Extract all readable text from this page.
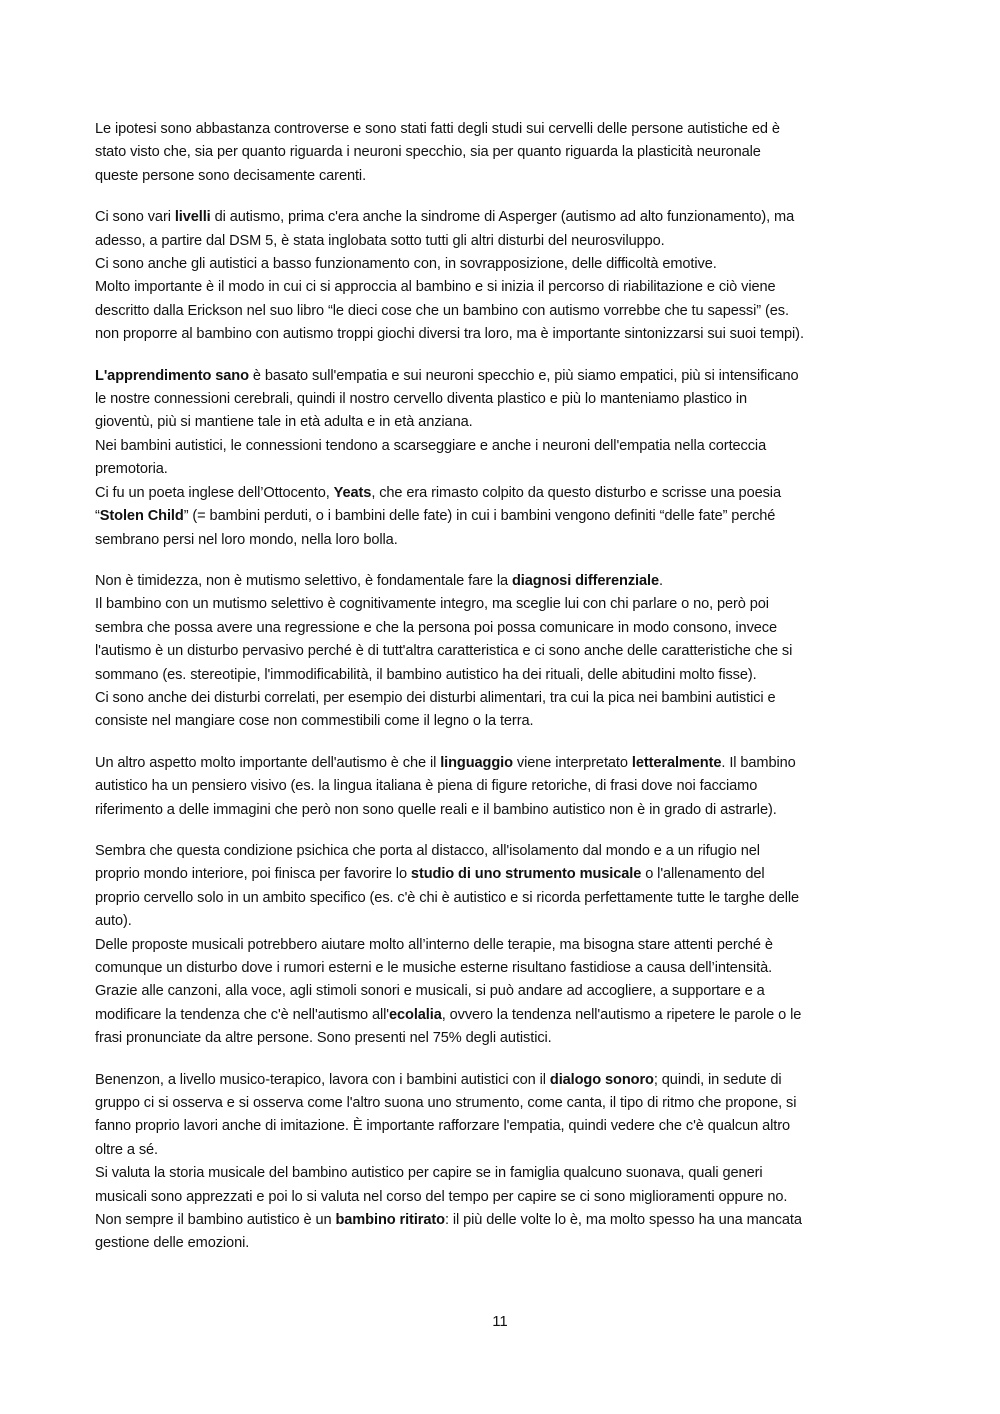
Le ipotesi sono abbastanza controverse e sono stati fatti degli studi sui cervelli delle persone autistiche ed è
stato visto che, sia per quanto riguarda i neuroni specchio, sia per quanto riguarda la plasticità neuronale
queste persone sono decisamente carenti.

Ci sono vari livelli di autismo, prima c'era anche la sindrome di Asperger (autismo ad alto funzionamento), ma
adesso, a partire dal DSM 5, è stata inglobata sotto tutti gli altri disturbi del neurosviluppo.
Ci sono anche gli autistici a basso funzionamento con, in sovrapposizione, delle difficoltà emotive.
Molto importante è il modo in cui ci si approccia al bambino e si inizia il percorso di riabilitazione e ciò viene
descritto dalla Erickson nel suo libro “le dieci cose che un bambino con autismo vorrebbe che tu sapessi” (es.
non proporre al bambino con autismo troppi giochi diversi tra loro, ma è importante sintonizzarsi sui suoi tempi).

L'apprendimento sano è basato sull'empatia e sui neuroni specchio e, più siamo empatici, più si intensificano
le nostre connessioni cerebrali, quindi il nostro cervello diventa plastico e più lo manteniamo plastico in
gioventù, più si mantiene tale in età adulta e in età anziana.
Nei bambini autistici, le connessioni tendono a scarseggiare e anche i neuroni dell'empatia nella corteccia
premotoria.
Ci fu un poeta inglese dell’Ottocento, Yeats, che era rimasto colpito da questo disturbo e scrisse una poesia
“Stolen Child” (= bambini perduti, o i bambini delle fate) in cui i bambini vengono definiti “delle fate” perché
sembrano persi nel loro mondo, nella loro bolla.

Non è timidezza, non è mutismo selettivo, è fondamentale fare la diagnosi differenziale.
Il bambino con un mutismo selettivo è cognitivamente integro, ma sceglie lui con chi parlare o no, però poi
sembra che possa avere una regressione e che la persona poi possa comunicare in modo consono, invece
l'autismo è un disturbo pervasivo perché è di tutt'altra caratteristica e ci sono anche delle caratteristiche che si
sommano (es. stereotipie, l'immodificabilità, il bambino autistico ha dei rituali, delle abitudini molto fisse).
Ci sono anche dei disturbi correlati, per esempio dei disturbi alimentari, tra cui la pica nei bambini autistici e
consiste nel mangiare cose non commestibili come il legno o la terra.

Un altro aspetto molto importante dell'autismo è che il linguaggio viene interpretato letteralmente. Il bambino
autistico ha un pensiero visivo (es. la lingua italiana è piena di figure retoriche, di frasi dove noi facciamo
riferimento a delle immagini che però non sono quelle reali e il bambino autistico non è in grado di astrarle).

Sembra che questa condizione psichica che porta al distacco, all'isolamento dal mondo e a un rifugio nel
proprio mondo interiore, poi finisca per favorire lo studio di uno strumento musicale o l'allenamento del
proprio cervello solo in un ambito specifico (es. c'è chi è autistico e si ricorda perfettamente tutte le targhe delle
auto).
Delle proposte musicali potrebbero aiutare molto all’interno delle terapie, ma bisogna stare attenti perché è
comunque un disturbo dove i rumori esterni e le musiche esterne risultano fastidiose a causa dell’intensità.
Grazie alle canzoni, alla voce, agli stimoli sonori e musicali, si può andare ad accogliere, a supportare e a
modificare la tendenza che c'è nell'autismo all'ecolalia, ovvero la tendenza nell'autismo a ripetere le parole o le
frasi pronunciate da altre persone. Sono presenti nel 75% degli autistici.

Benenzon, a livello musico-terapico, lavora con i bambini autistici con il dialogo sonoro; quindi, in sedute di
gruppo ci si osserva e si osserva come l'altro suona uno strumento, come canta, il tipo di ritmo che propone, si
fanno proprio lavori anche di imitazione. È importante rafforzare l'empatia, quindi vedere che c'è qualcun altro
oltre a sé.
Si valuta la storia musicale del bambino autistico per capire se in famiglia qualcuno suonava, quali generi
musicali sono apprezzati e poi lo si valuta nel corso del tempo per capire se ci sono miglioramenti oppure no.
Non sempre il bambino autistico è un bambino ritirato: il più delle volte lo è, ma molto spesso ha una mancata
gestione delle emozioni.

11
